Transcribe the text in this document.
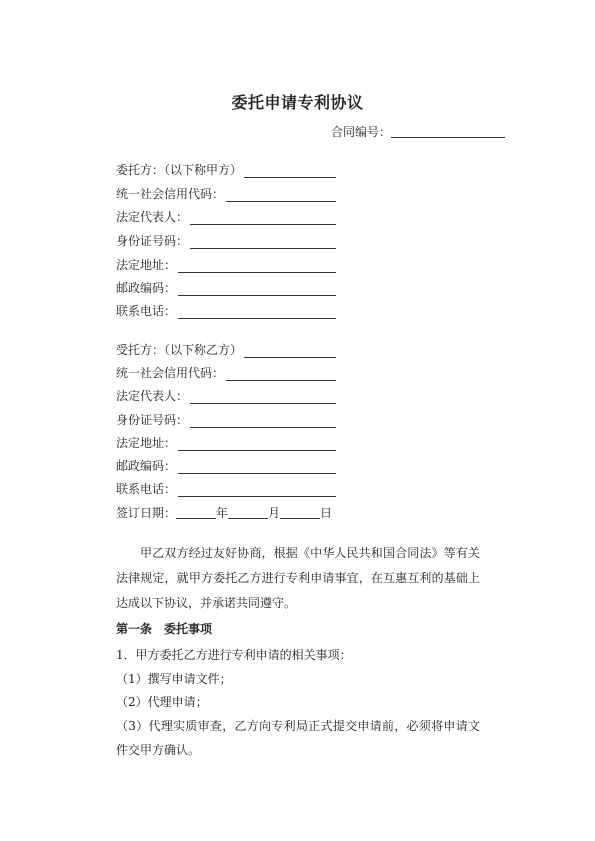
委托申请专利协议
合同编号：
委托方：（以下称甲方）
统一社会信用代码：
法定代表人：
身份证号码：
法定地址：
邮政编码：
联系电话：
受托方：（以下称乙方）
统一社会信用代码：
法定代表人：
身份证号码：
法定地址：
邮政编码：
联系电话：
签订日期：	年	月	日
甲乙双方经过友好协商，根据《中华人民共和国合同法》等有关法律规定，就甲方委托乙方进行专利申请事宜，在互惠互利的基础上达成以下协议，并承诺共同遵守。
第一条 委托事项
1．甲方委托乙方进行专利申请的相关事项：
（1）撰写申请文件；
（2）代理申请；
（3）代理实质审查，乙方向专利局正式提交申请前，必须将申请文件交甲方确认。
